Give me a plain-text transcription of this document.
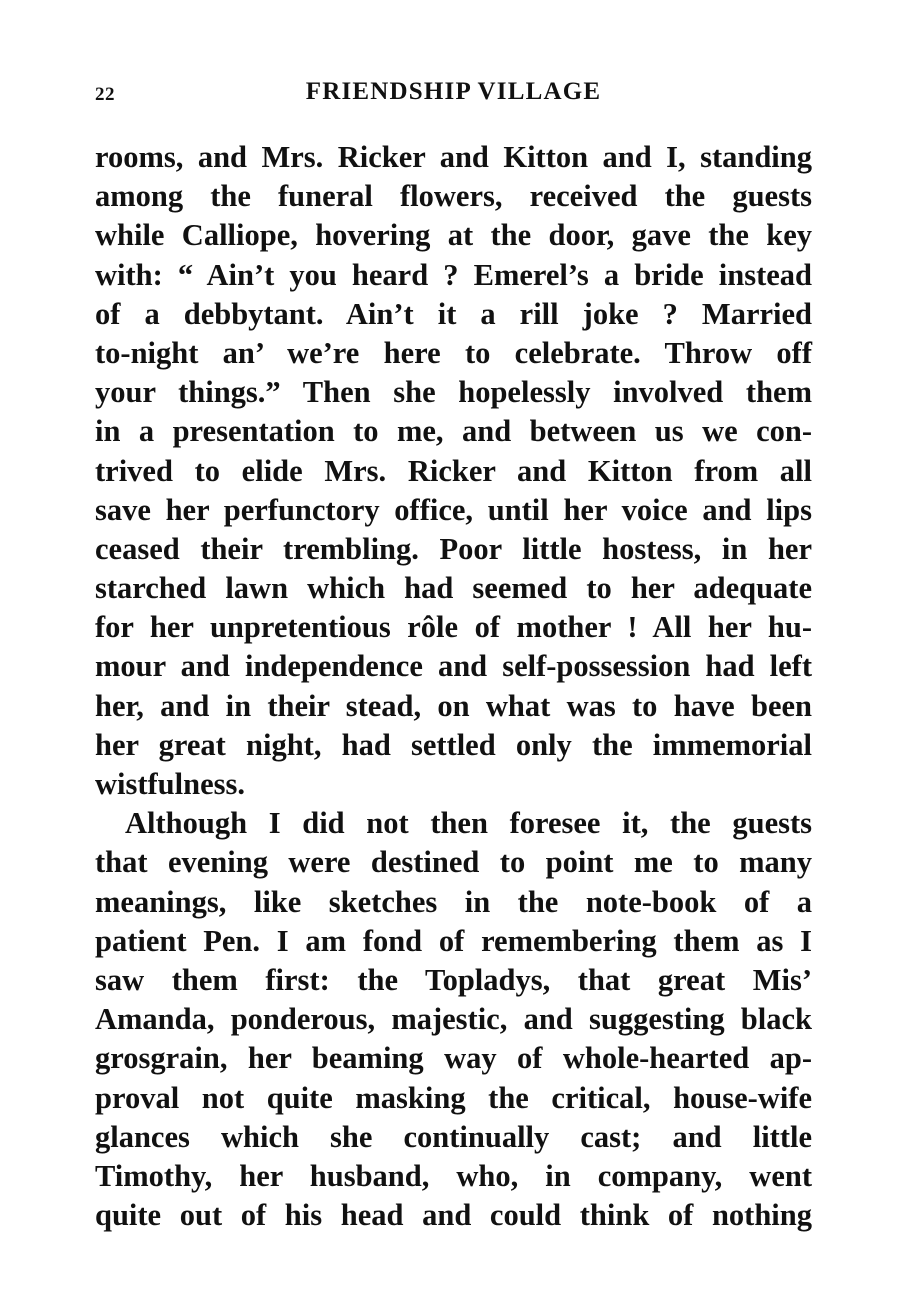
22	FRIENDSHIP VILLAGE
rooms, and Mrs. Ricker and Kitton and I, standing
among the funeral flowers, received the guests
while Calliope, hovering at the door, gave the key
with: “ Ain’t you heard ? Emerel’s a bride instead
of a debbytant. Ain’t it a rill joke ? Married
to-night an’ we’re here to celebrate. Throw off
your things.” Then she hopelessly involved them
in a presentation to me, and between us we con-
trived to elide Mrs. Ricker and Kitton from all
save her perfunctory office, until her voice and lips
ceased their trembling. Poor little hostess, in her
starched lawn which had seemed to her adequate
for her unpretentious rôle of mother ! All her hu-
mour and independence and self-possession had left
her, and in their stead, on what was to have been
her great night, had settled only the immemorial
wistfulness.
Although I did not then foresee it, the guests
that evening were destined to point me to many
meanings, like sketches in the note-book of a
patient Pen. I am fond of remembering them as I
saw them first: the Topladys, that great Mis’
Amanda, ponderous, majestic, and suggesting black
grosgrain, her beaming way of whole-hearted ap-
proval not quite masking the critical, house-wife
glances which she continually cast; and little
Timothy, her husband, who, in company, went
quite out of his head and could think of nothing
